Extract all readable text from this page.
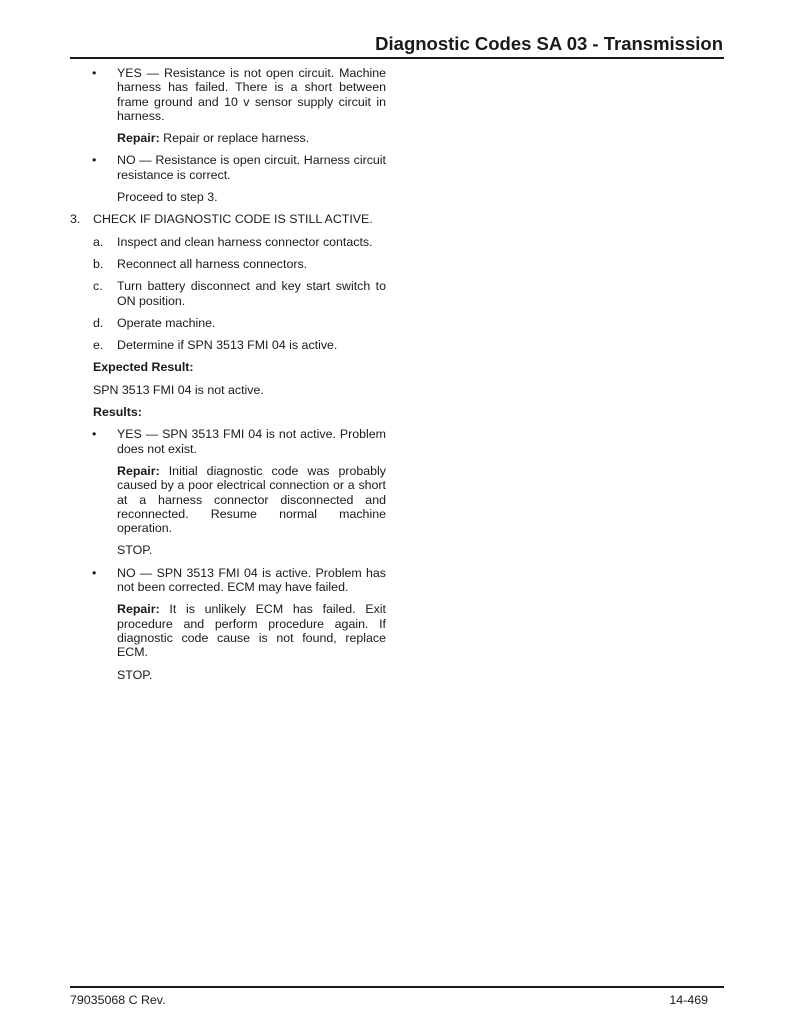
Diagnostic Codes SA 03 - Transmission
• YES — Resistance is not open circuit. Machine harness has failed. There is a short between frame ground and 10 v sensor supply circuit in harness.
Repair: Repair or replace harness.
• NO — Resistance is open circuit. Harness circuit resistance is correct.
Proceed to step 3.
3. CHECK IF DIAGNOSTIC CODE IS STILL ACTIVE.
a. Inspect and clean harness connector contacts.
b. Reconnect all harness connectors.
c. Turn battery disconnect and key start switch to ON position.
d. Operate machine.
e. Determine if SPN 3513 FMI 04 is active.
Expected Result:
SPN 3513 FMI 04 is not active.
Results:
• YES — SPN 3513 FMI 04 is not active. Problem does not exist.
Repair: Initial diagnostic code was probably caused by a poor electrical connection or a short at a harness connector disconnected and reconnected. Resume normal machine operation.
STOP.
• NO — SPN 3513 FMI 04 is active. Problem has not been corrected. ECM may have failed.
Repair: It is unlikely ECM has failed. Exit procedure and perform procedure again. If diagnostic code cause is not found, replace ECM.
STOP.
79035068 C Rev.	14-469
